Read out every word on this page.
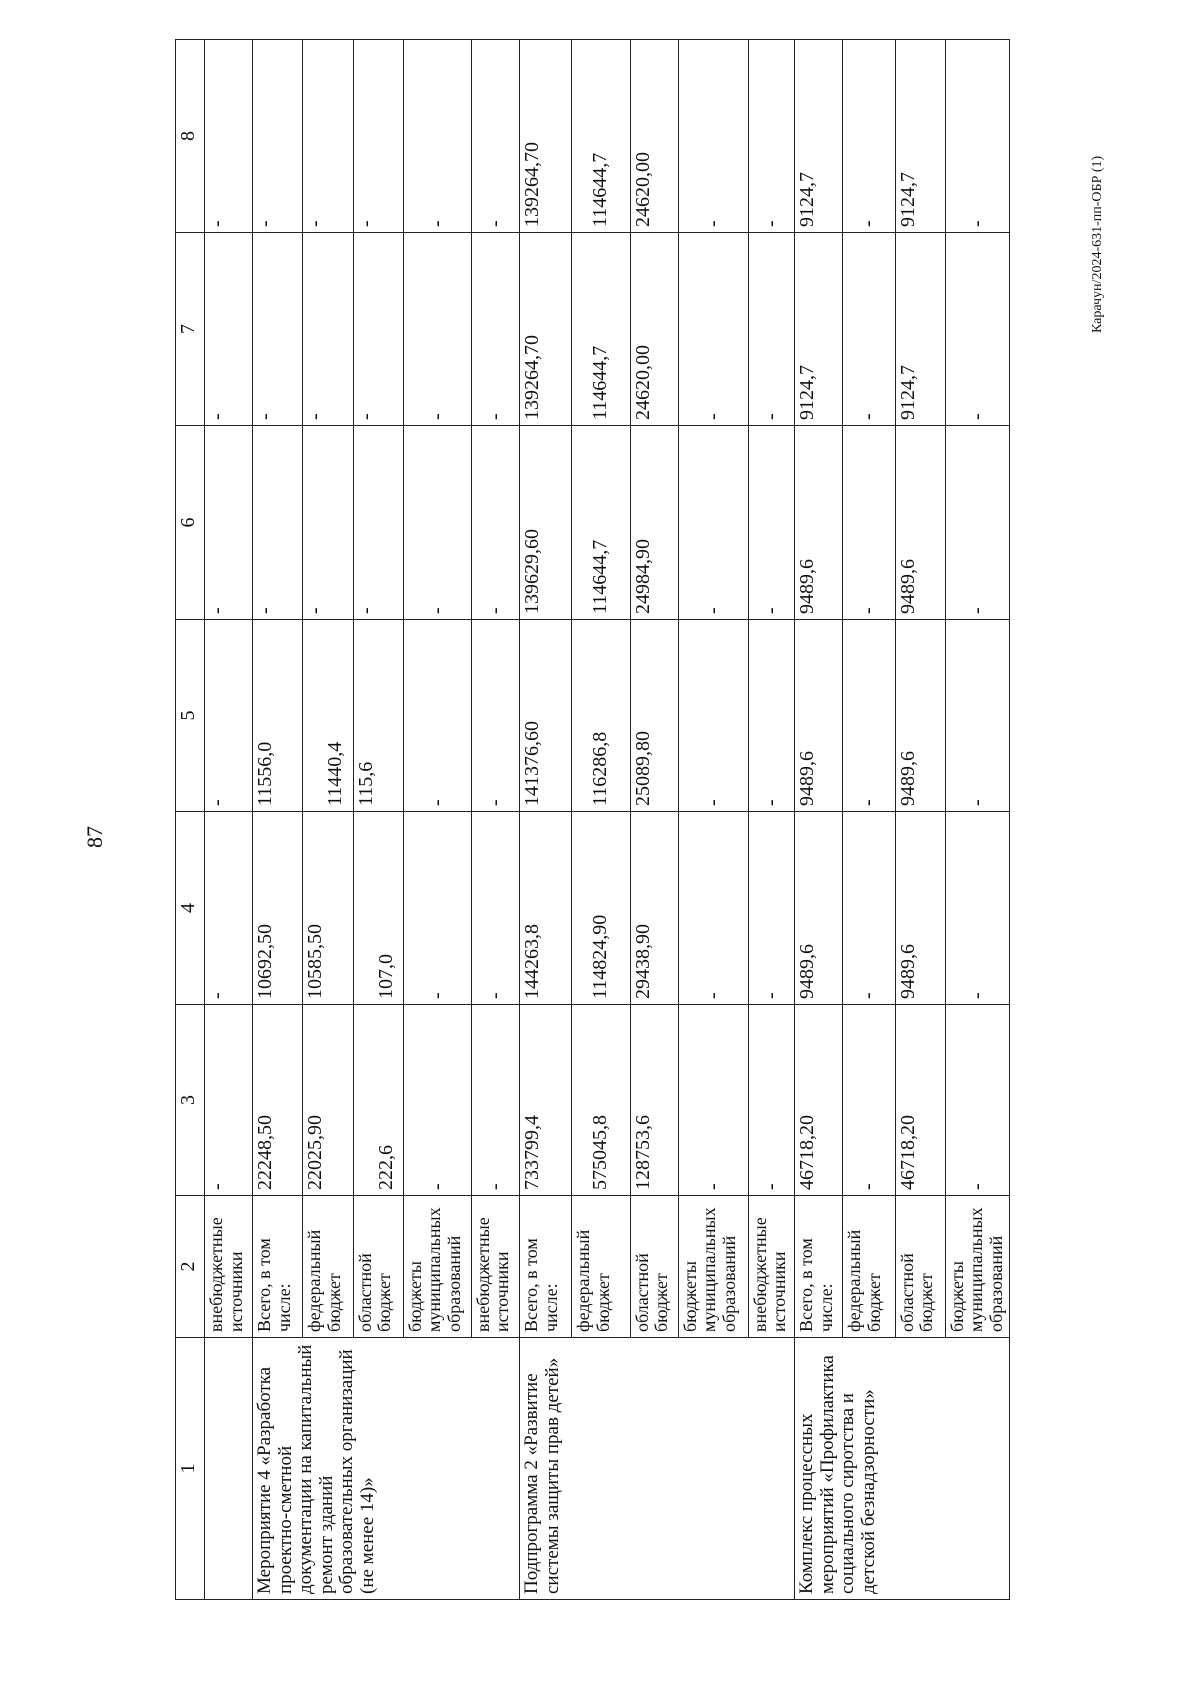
87
Карачун/2024-631-пп-ОБР (1)
1	2	3	4	5	6	7	8
	внебюджетные источники	-	-	-	-	-	-
Мероприятие 4 «Разработка проектно-сметной документации на капитальный ремонт зданий образовательных организаций (не менее 14)»	Всего, в том числе:	22248,50	10692,50	11556,0	-	-	-
	федеральный бюджет	22025,90	10585,50	11440,4	-	-	-
	областной бюджет	222,6	107,0	115,6	-	-	-
	бюджеты муниципальных образований	-	-	-	-	-	-
	внебюджетные источники	-	-	-	-	-	-
Подпрограмма 2 «Развитие системы защиты прав детей»	Всего, в том числе:	733799,4	144263,8	141376,60	139629,60	139264,70	139264,70
	федеральный бюджет	575045,8	114824,90	116286,8	114644,7	114644,7	114644,7
	областной бюджет	128753,6	29438,90	25089,80	24984,90	24620,00	24620,00
	бюджеты муниципальных образований	-	-	-	-	-	-
	внебюджетные источники	-	-	-	-	-	-
Комплекс процессных мероприятий «Профилактика социального сиротства и детской безнадзорности»	Всего, в том числе:	46718,20	9489,6	9489,6	9489,6	9124,7	9124,7
	федеральный бюджет	-	-	-	-	-	-
	областной бюджет	46718,20	9489,6	9489,6	9489,6	9124,7	9124,7
	бюджеты муниципальных образований	-	-	-	-	-	-
